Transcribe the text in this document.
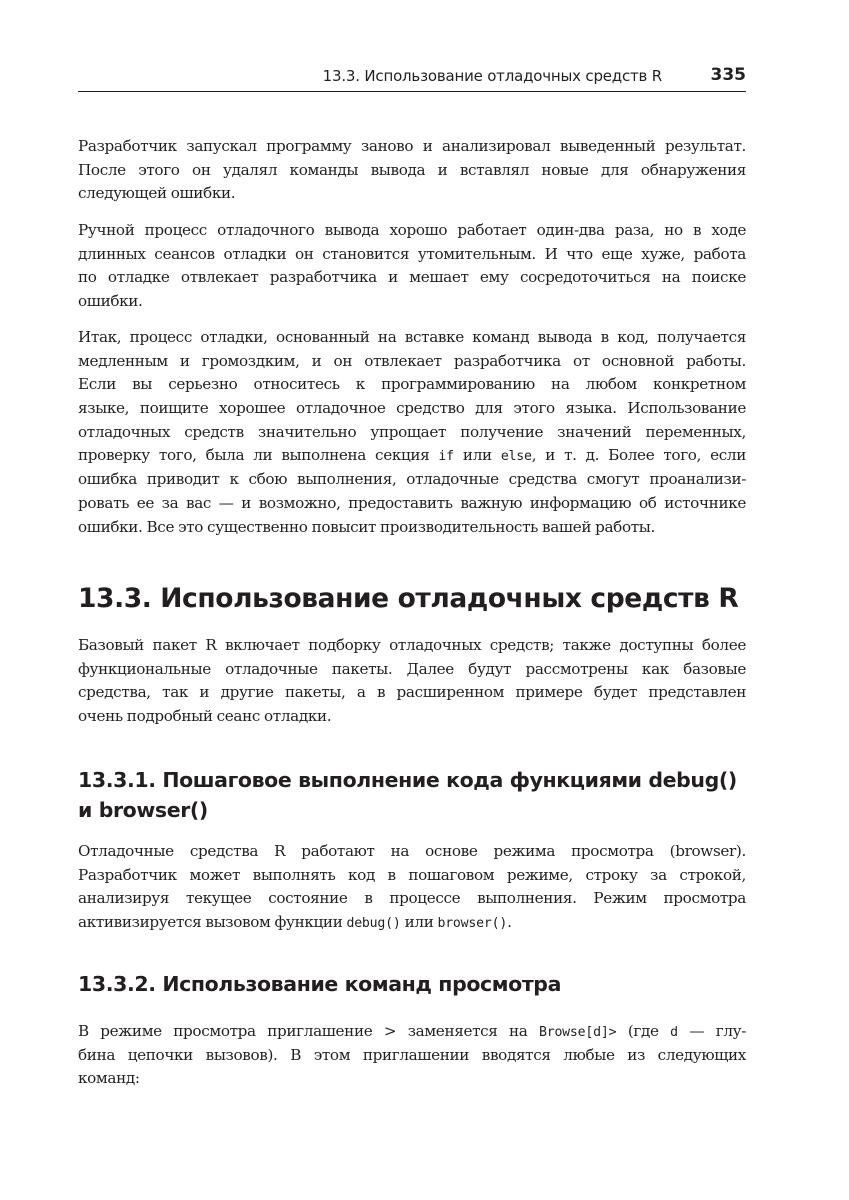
13.3. Использование отладочных средств R	335
Разработчик запускал программу заново и анализировал выведенный результат.
После этого он удалял команды вывода и вставлял новые для обнаружения
следующей ошибки.
Ручной процесс отладочного вывода хорошо работает один-два раза, но в ходе
длинных сеансов отладки он становится утомительным. И что еще хуже, работа
по отладке отвлекает разработчика и мешает ему сосредоточиться на поиске
ошибки.
Итак, процесс отладки, основанный на вставке команд вывода в код, получается
медленным и громоздким, и он отвлекает разработчика от основной работы.
Если вы серьезно относитесь к программированию на любом конкретном
языке, поищите хорошее отладочное средство для этого языка. Использование
отладочных средств значительно упрощает получение значений переменных,
проверку того, была ли выполнена секция if или else, и т. д. Более того, если
ошибка приводит к сбою выполнения, отладочные средства смогут проанализи-
ровать ее за вас — и возможно, предоставить важную информацию об источнике
ошибки. Все это существенно повысит производительность вашей работы.
13.3. Использование отладочных средств R
Базовый пакет R включает подборку отладочных средств; также доступны более
функциональные отладочные пакеты. Далее будут рассмотрены как базовые
средства, так и другие пакеты, а в расширенном примере будет представлен
очень подробный сеанс отладки.
13.3.1. Пошаговое выполнение кода функциями debug()
и browser()
Отладочные средства R работают на основе режима просмотра (browser).
Разработчик может выполнять код в пошаговом режиме, строку за строкой,
анализируя текущее состояние в процессе выполнения. Режим просмотра
активизируется вызовом функции debug() или browser().
13.3.2. Использование команд просмотра
В режиме просмотра приглашение > заменяется на Browse[d]> (где d — глу-
бина цепочки вызовов). В этом приглашении вводятся любые из следующих
команд:
